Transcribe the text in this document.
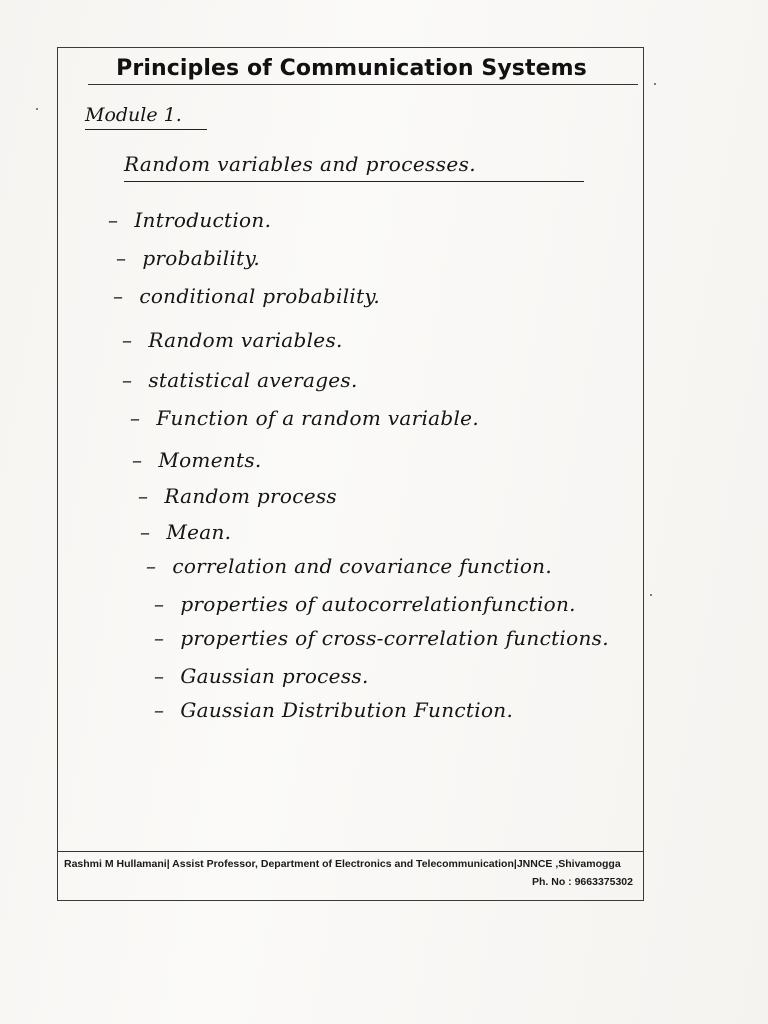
Principles of Communication Systems
Module 1.
Random variables and processes.
– Introduction.
– probability.
– conditional probability.
– Random variables.
– statistical averages.
– Function of a random variable.
– Moments.
– Random process
– Mean.
– correlation and covariance function.
– properties of autocorrelationfunction.
– properties of cross-correlation functions.
– Gaussian process.
– Gaussian Distribution Function.
Rashmi M Hullamani| Assist Professor, Department of Electronics and Telecommunication|JNNCE ,Shivamogga
Ph. No : 9663375302
